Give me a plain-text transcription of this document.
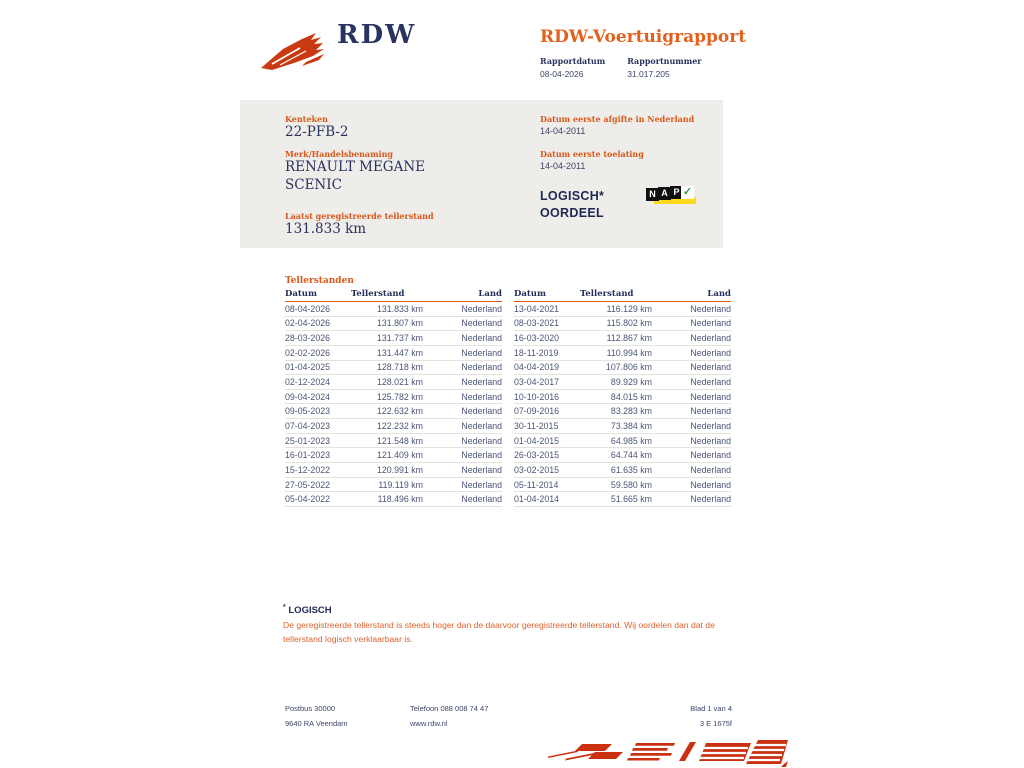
RDW	RDW-Voertuigrapport
Rapportdatum
08-04-2026
Rapportnummer
31.017.205
Kenteken
22-PFB-2
Merk/Handelsbenaming
RENAULT MEGANE
SCENIC
Laatst geregistreerde tellerstand
131.833 km
Datum eerste afgifte in Nederland
14-04-2011
Datum eerste toelating
14-04-2011
LOGISCH*
OORDEEL
N A P ✓
Tellerstanden
Datum	Tellerstand	Land
08-04-2026	131.833 km	Nederland
02-04-2026	131.807 km	Nederland
28-03-2026	131.737 km	Nederland
02-02-2026	131.447 km	Nederland
01-04-2025	128.718 km	Nederland
02-12-2024	128.021 km	Nederland
09-04-2024	125.782 km	Nederland
09-05-2023	122.632 km	Nederland
07-04-2023	122.232 km	Nederland
25-01-2023	121.548 km	Nederland
16-01-2023	121.409 km	Nederland
15-12-2022	120.991 km	Nederland
27-05-2022	119.119 km	Nederland
05-04-2022	118.496 km	Nederland
Datum	Tellerstand	Land
13-04-2021	116.129 km	Nederland
08-03-2021	115.802 km	Nederland
16-03-2020	112.867 km	Nederland
18-11-2019	110.994 km	Nederland
04-04-2019	107.806 km	Nederland
03-04-2017	89.929 km	Nederland
10-10-2016	84.015 km	Nederland
07-09-2016	83.283 km	Nederland
30-11-2015	73.384 km	Nederland
01-04-2015	64.985 km	Nederland
26-03-2015	64.744 km	Nederland
03-02-2015	61.635 km	Nederland
05-11-2014	59.580 km	Nederland
01-04-2014	51.665 km	Nederland
* LOGISCH
De geregistreerde tellerstand is steeds hoger dan de daarvoor geregistreerde tellerstand. Wij oordelen dan dat de tellerstand logisch verklaarbaar is.
Postbus 30000
9640 RA Veendam
Telefoon 088 008 74 47
www.rdw.nl
Blad 1 van 4
3 E 1675f
